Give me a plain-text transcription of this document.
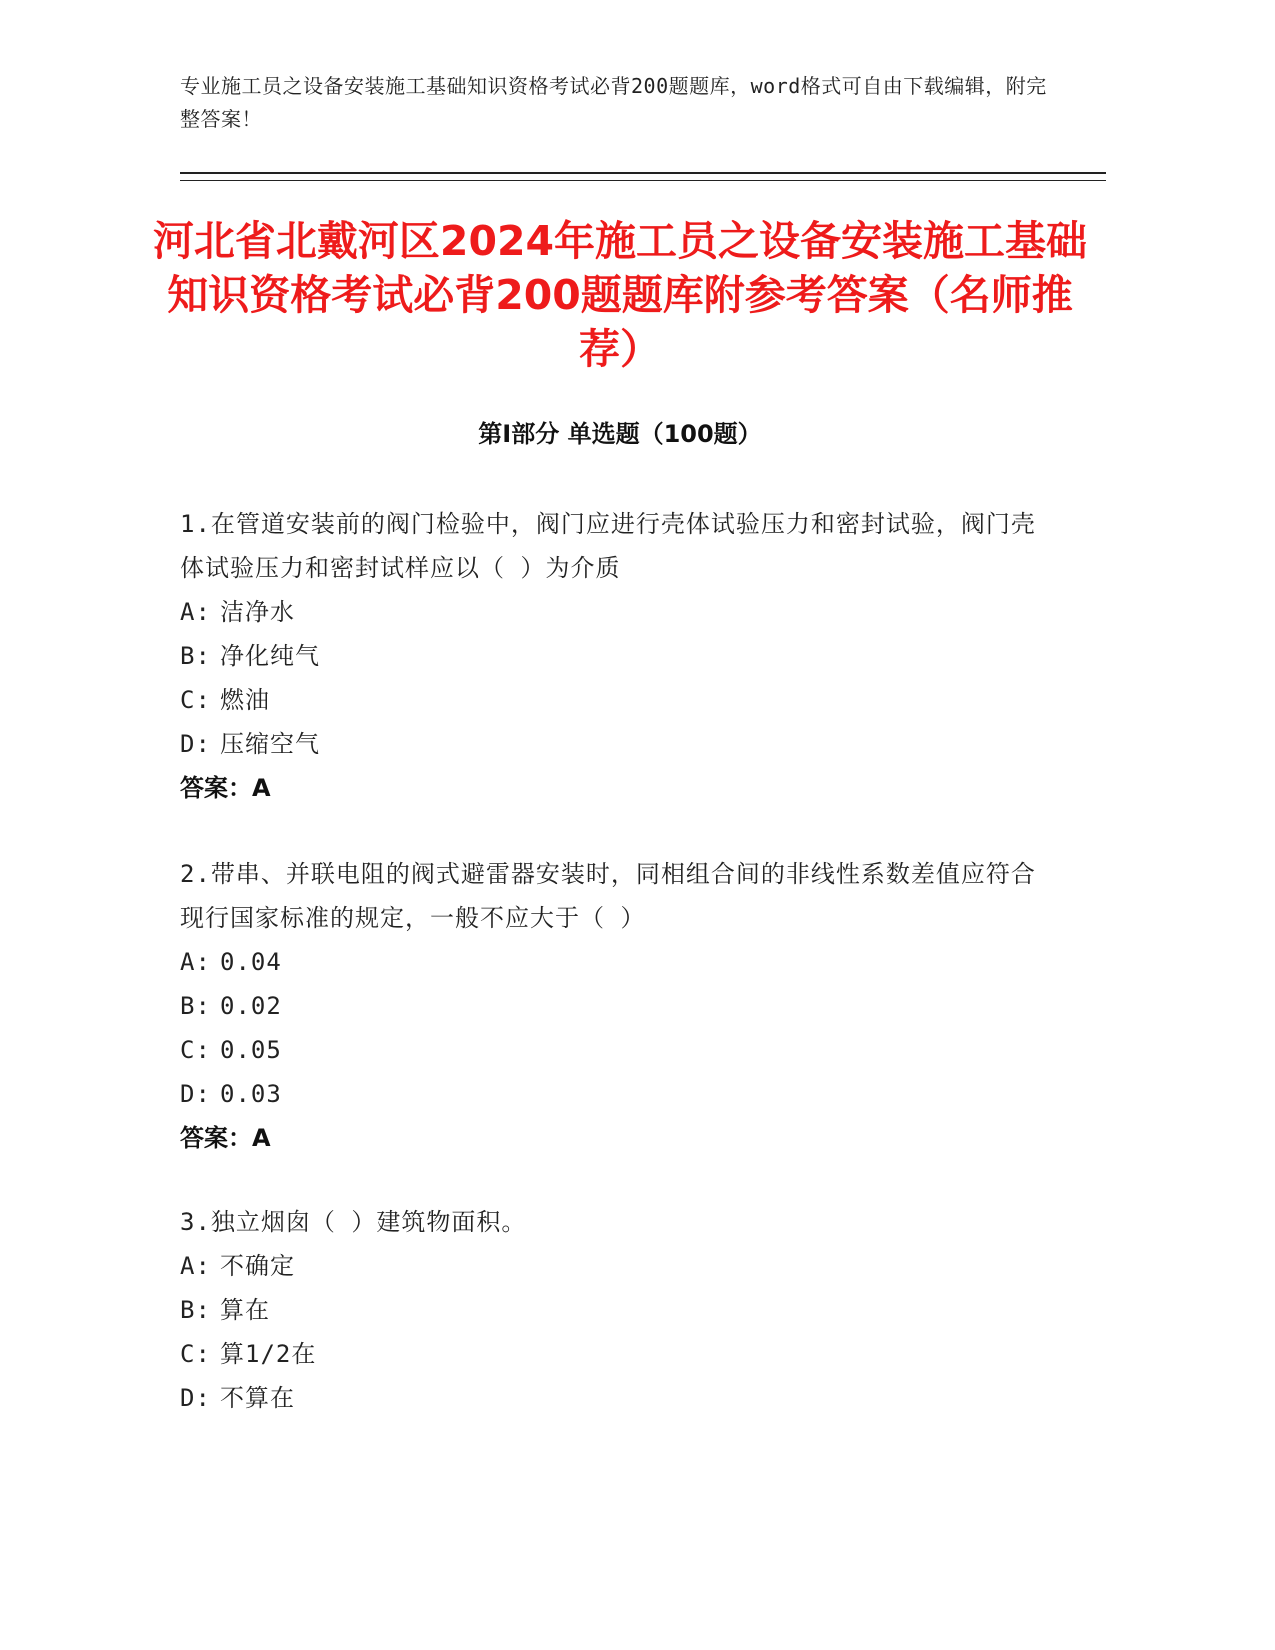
专业施工员之设备安装施工基础知识资格考试必背200题题库，word格式可自由下载编辑，附完整答案！
河北省北戴河区2024年施工员之设备安装施工基础知识资格考试必背200题题库附参考答案（名师推荐）
第I部分 单选题（100题）
1.在管道安装前的阀门检验中，阀门应进行壳体试验压力和密封试验，阀门壳体试验压力和密封试样应以（ ）为介质
A: 洁净水
B: 净化纯气
C: 燃油
D: 压缩空气
答案：A
2.带串、并联电阻的阀式避雷器安装时，同相组合间的非线性系数差值应符合现行国家标准的规定，一般不应大于（ ）
A: 0.04
B: 0.02
C: 0.05
D: 0.03
答案：A
3.独立烟囱（ ）建筑物面积。
A: 不确定
B: 算在
C: 算1/2在
D: 不算在
